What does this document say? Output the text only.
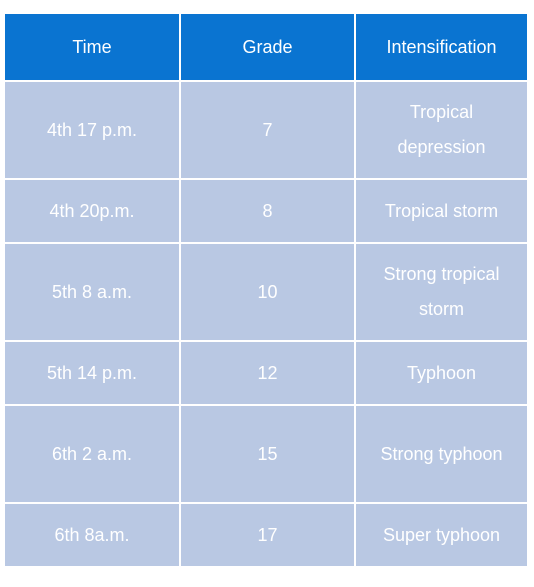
Time	Grade	Intensification
4th 17 p.m.	7	Tropical depression
4th 20p.m.	8	Tropical storm
5th 8 a.m.	10	Strong tropical storm
5th 14 p.m.	12	Typhoon
6th 2 a.m.	15	Strong typhoon
6th 8a.m.	17	Super typhoon
